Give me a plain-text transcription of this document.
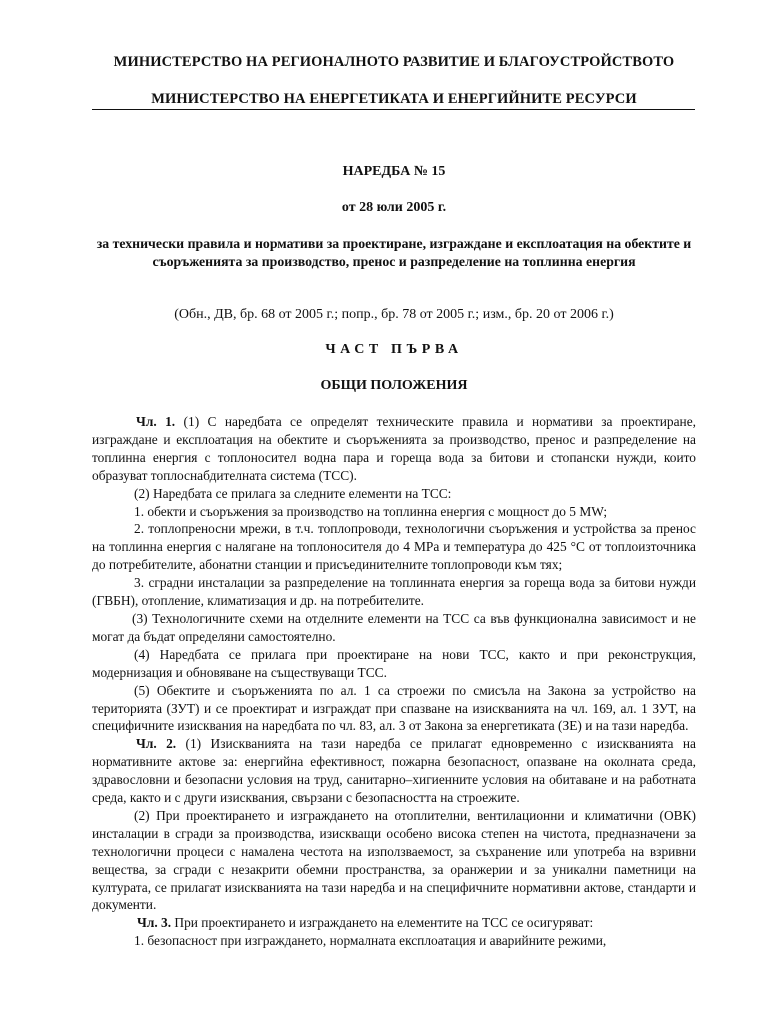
МИНИСТЕРСТВО НА РЕГИОНАЛНОТО РАЗВИТИЕ И БЛАГОУСТРОЙСТВОТО
МИНИСТЕРСТВО НА ЕНЕРГЕТИКАТА И ЕНЕРГИЙНИТЕ РЕСУРСИ
НАРЕДБА № 15
от 28 юли 2005 г.
за технически правила и нормативи за проектиране, изграждане и експлоатация на обектите и съоръженията за производство, пренос и разпределение на топлинна енергия
(Обн., ДВ, бр. 68 от 2005 г.; попр., бр. 78 от 2005 г.; изм., бр. 20 от 2006 г.)
ЧАСТ ПЪРВА
ОБЩИ ПОЛОЖЕНИЯ

Чл. 1. (1) С наредбата се определят техническите правила и нормативи за проектиране, изграждане и експлоатация на обектите и съоръженията за производство, пренос и разпределение на топлинна енергия с топлоносител водна пара и гореща вода за битови и стопански нужди, които образуват топлоснабдителната система (ТСС).

(2) Наредбата се прилага за следните елементи на ТСС:

1. обекти и съоръжения за производство на топлинна енергия с мощност до 5 MW;

2. топлопреносни мрежи, в т.ч. топлопроводи, технологични съоръжения и устройства за пренос на топлинна енергия с налягане на топлоносителя до 4 MPa и температура до 425 °С от топлоизточника до потребителите, абонатни станции и присъединителните топлопроводи към тях;

3. сградни инсталации за разпределение на топлинната енергия за гореща вода за битови нужди (ГВБН), отопление, климатизация и др. на потребителите.

(3) Технологичните схеми на отделните елементи на ТСС са във функционална зависимост и не могат да бъдат определяни самостоятелно.

(4) Наредбата се прилага при проектиране на нови ТСС, както и при реконструкция, модернизация и обновяване на съществуващи ТСС.

(5) Обектите и съоръженията по ал. 1 са строежи по смисъла на Закона за устройство на територията (ЗУТ) и се проектират и изграждат при спазване на изискванията на чл. 169, ал. 1 ЗУТ, на специфичните изисквания на наредбата по чл. 83, ал. 3 от Закона за енергетиката (ЗЕ) и на тази наредба.

Чл. 2. (1) Изискванията на тази наредба се прилагат едновременно с изискванията на нормативните актове за: енергийна ефективност, пожарна безопасност, опазване на околната среда, здравословни и безопасни условия на труд, санитарно–хигиенните условия на обитаване и на работната среда, както и с други изисквания, свързани с безопасността на строежите.

(2) При проектирането и изграждането на отоплителни, вентилационни и климатични (ОВК) инсталации в сгради за производства, изискващи особено висока степен на чистота, предназначени за технологични процеси с намалена честота на използваемост, за съхранение или употреба на взривни вещества, за сгради с незакрити обемни пространства, за оранжерии и за уникални паметници на културата, се прилагат изискванията на тази наредба и на специфичните нормативни актове, стандарти и документи.

Чл. 3. При проектирането и изграждането на елементите на ТСС се осигуряват:

1. безопасност при изграждането, нормалната експлоатация и аварийните режими,
